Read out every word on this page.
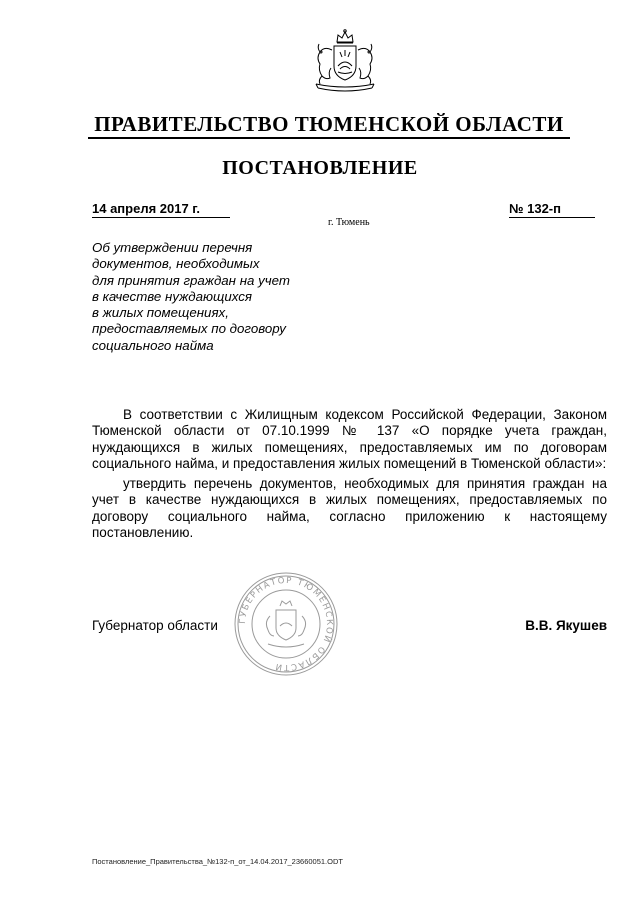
ПРАВИТЕЛЬСТВО ТЮМЕНСКОЙ ОБЛАСТИ
ПОСТАНОВЛЕНИЕ
14 апреля 2017 г.	№ 132-п
г. Тюмень
Об утверждении перечня
документов, необходимых
для принятия граждан на учет
в качестве нуждающихся
в жилых помещениях,
предоставляемых по договору
социального найма

В соответствии с Жилищным кодексом Российской Федерации, Законом Тюменской области от 07.10.1999 № 137 «О порядке учета граждан, нуждающихся в жилых помещениях, предоставляемых им по договорам социального найма, и предоставления жилых помещений в Тюменской области»:

утвердить перечень документов, необходимых для принятия граждан на учет в качестве нуждающихся в жилых помещениях, предоставляемых по договору социального найма, согласно приложению к настоящему постановлению.

ГУБЕРНАТОР ТЮМЕНСКОЙ ОБЛАСТИ
Губернатор области	В.В. Якушев
Постановление_Правительства_№132-п_от_14.04.2017_23660051.ODT
